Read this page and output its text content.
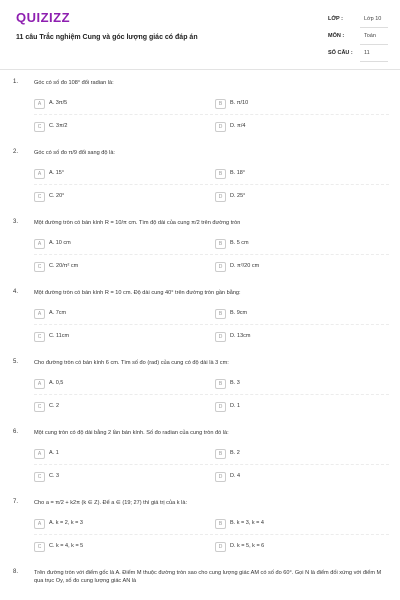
QUIZIZZ
11 câu Trắc nghiệm Cung và góc lượng giác có đáp án
LỚP :	Lớp 10
MÔN :	Toán
SỐ CÂU : 11
1.	Góc có số đo 108° đổi radian là:
A	A. 3π/5	B	B. π/10
C	C. 3π/2	D	D. π/4
2.	Góc có số đo π/9 đổi sang độ là:
A	A. 15°	B	B. 18°
C	C. 20°	D	D. 25°
3.	Một đường tròn có bán kính R = 10/π cm. Tìm độ dài của cung π/2 trên đường tròn
A	A. 10 cm	B	B. 5 cm
C	C. 20/π² cm	D	D. π²/20 cm
4.	Một đường tròn có bán kính R = 10 cm. Độ dài cung 40° trên đường tròn gần bằng:
A	A. 7cm	B	B. 9cm
C	C. 11cm	D	D. 13cm
5.	Cho đường tròn có bán kính 6 cm. Tìm số đo (rad) của cung có độ dài là 3 cm:
A	A. 0,5	B	B. 3
C	C. 2	D	D. 1
6.	Một cung tròn có độ dài bằng 2 lần bán kính. Số đo radian của cung tròn đó là:
A	A. 1	B	B. 2
C	C. 3	D	D. 4
7.	Cho a = π/2 + k2π (k ∈ Z). Để a ∈ (19; 27) thì giá trị của k là:
A	A. k = 2, k = 3	B	B. k = 3, k = 4
C	C. k = 4, k = 5	D	D. k = 5, k = 6
8.	Trên đường tròn với điểm gốc là A. Điểm M thuộc đường tròn sao cho cung lượng giác AM có số đo 60°. Gọi N là điểm đối xứng với điểm M qua trục Oy, số đo cung lượng giác AN là
